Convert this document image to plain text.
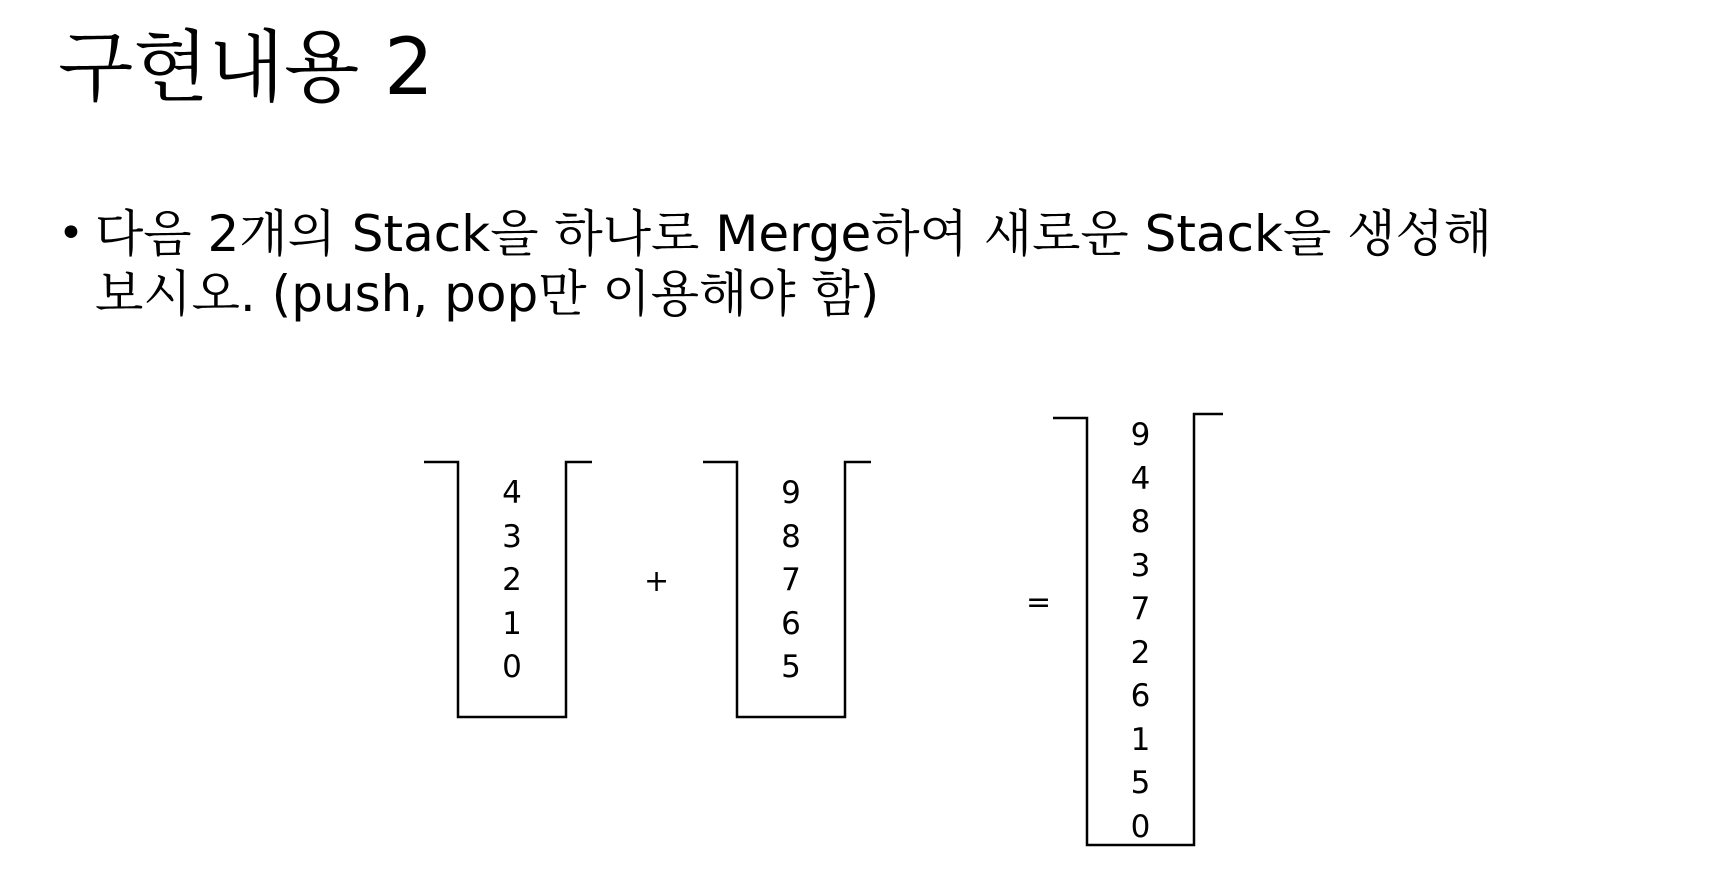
구현내용 2
• 다음 2개의 Stack을 하나로 Merge하여 새로운 Stack을 생성해
보시오. (push, pop만 이용해야 함)
4
3
2
1
0
+
9
8
7
6
5
=
9
4
8
3
7
2
6
1
5
0
